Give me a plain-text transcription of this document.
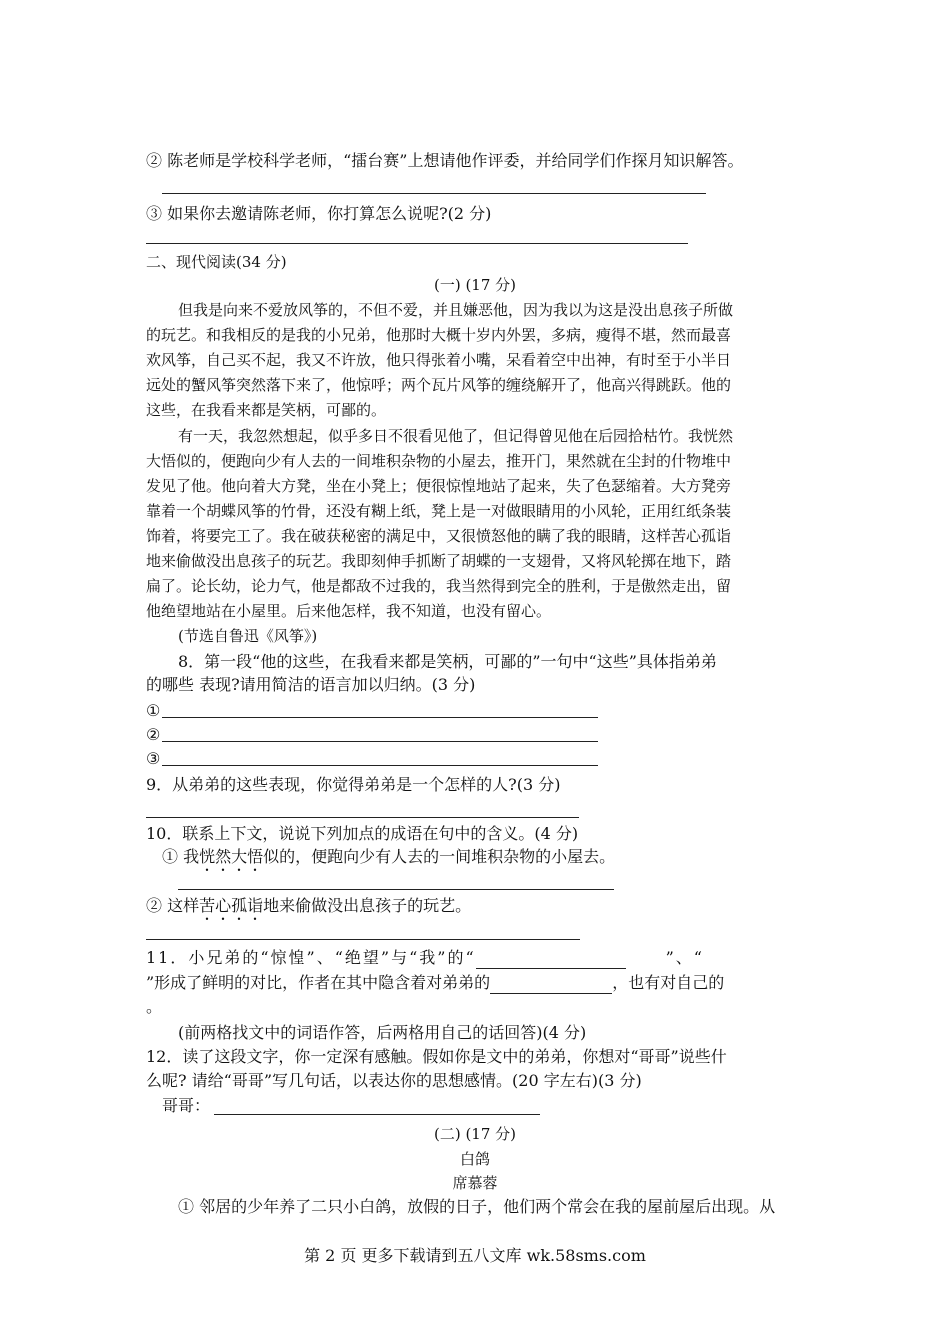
② 陈老师是学校科学老师，“擂台赛”上想请他作评委，并给同学们作探月知识解答。
③ 如果你去邀请陈老师，你打算怎么说呢?(2 分)
二、现代阅读(34 分)
(一) (17 分)
但我是向来不爱放风筝的，不但不爱，并且嫌恶他，因为我以为这是没出息孩子所做
的玩艺。和我相反的是我的小兄弟，他那时大概十岁内外罢，多病，瘦得不堪，然而最喜
欢风筝，自己买不起，我又不许放，他只得张着小嘴，呆看着空中出神，有时至于小半日
远处的蟹风筝突然落下来了，他惊呼；两个瓦片风筝的缠绕解开了，他高兴得跳跃。他的
这些，在我看来都是笑柄，可鄙的。
有一天，我忽然想起，似乎多日不很看见他了，但记得曾见他在后园拾枯竹。我恍然
大悟似的，便跑向少有人去的一间堆积杂物的小屋去，推开门，果然就在尘封的什物堆中
发见了他。他向着大方凳，坐在小凳上；便很惊惶地站了起来，失了色瑟缩着。大方凳旁
靠着一个胡蝶风筝的竹骨，还没有糊上纸，凳上是一对做眼睛用的小风轮，正用红纸条装
饰着，将要完工了。我在破获秘密的满足中，又很愤怒他的瞒了我的眼睛，这样苦心孤诣
地来偷做没出息孩子的玩艺。我即刻伸手抓断了胡蝶的一支翅骨，又将风轮掷在地下，踏
扁了。论长幼，论力气，他是都敌不过我的，我当然得到完全的胜利，于是傲然走出，留
他绝望地站在小屋里。后来他怎样，我不知道，也没有留心。
(节选自鲁迅《风筝》)
8．第一段“他的这些，在我看来都是笑柄，可鄙的”一句中“这些”具体指弟弟
的哪些 表现?请用简洁的语言加以归纳。(3 分)
①
②
③
9．从弟弟的这些表现，你觉得弟弟是一个怎样的人?(3 分)
10．联系上下文，说说下列加点的成语在句中的含义。(4 分)
① 我恍然大悟似的，便跑向少有人去的一间堆积杂物的小屋去。
② 这样苦心孤诣地来偷做没出息孩子的玩艺。
11．小兄弟的“惊惶”、“绝望”与“我”的“	”、“
”形成了鲜明的对比，作者在其中隐含着对弟弟的	，也有对自己的
。
(前两格找文中的词语作答，后两格用自己的话回答)(4 分)
12．读了这段文字，你一定深有感触。假如你是文中的弟弟，你想对“哥哥”说些什
么呢? 请给“哥哥”写几句话，以表达你的思想感情。(20 字左右)(3 分)
哥哥：
(二) (17 分)
白鸽
席慕蓉
① 邻居的少年养了二只小白鸽，放假的日子，他们两个常会在我的屋前屋后出现。从
第 2 页 更多下载请到五八文库 wk.58sms.com
